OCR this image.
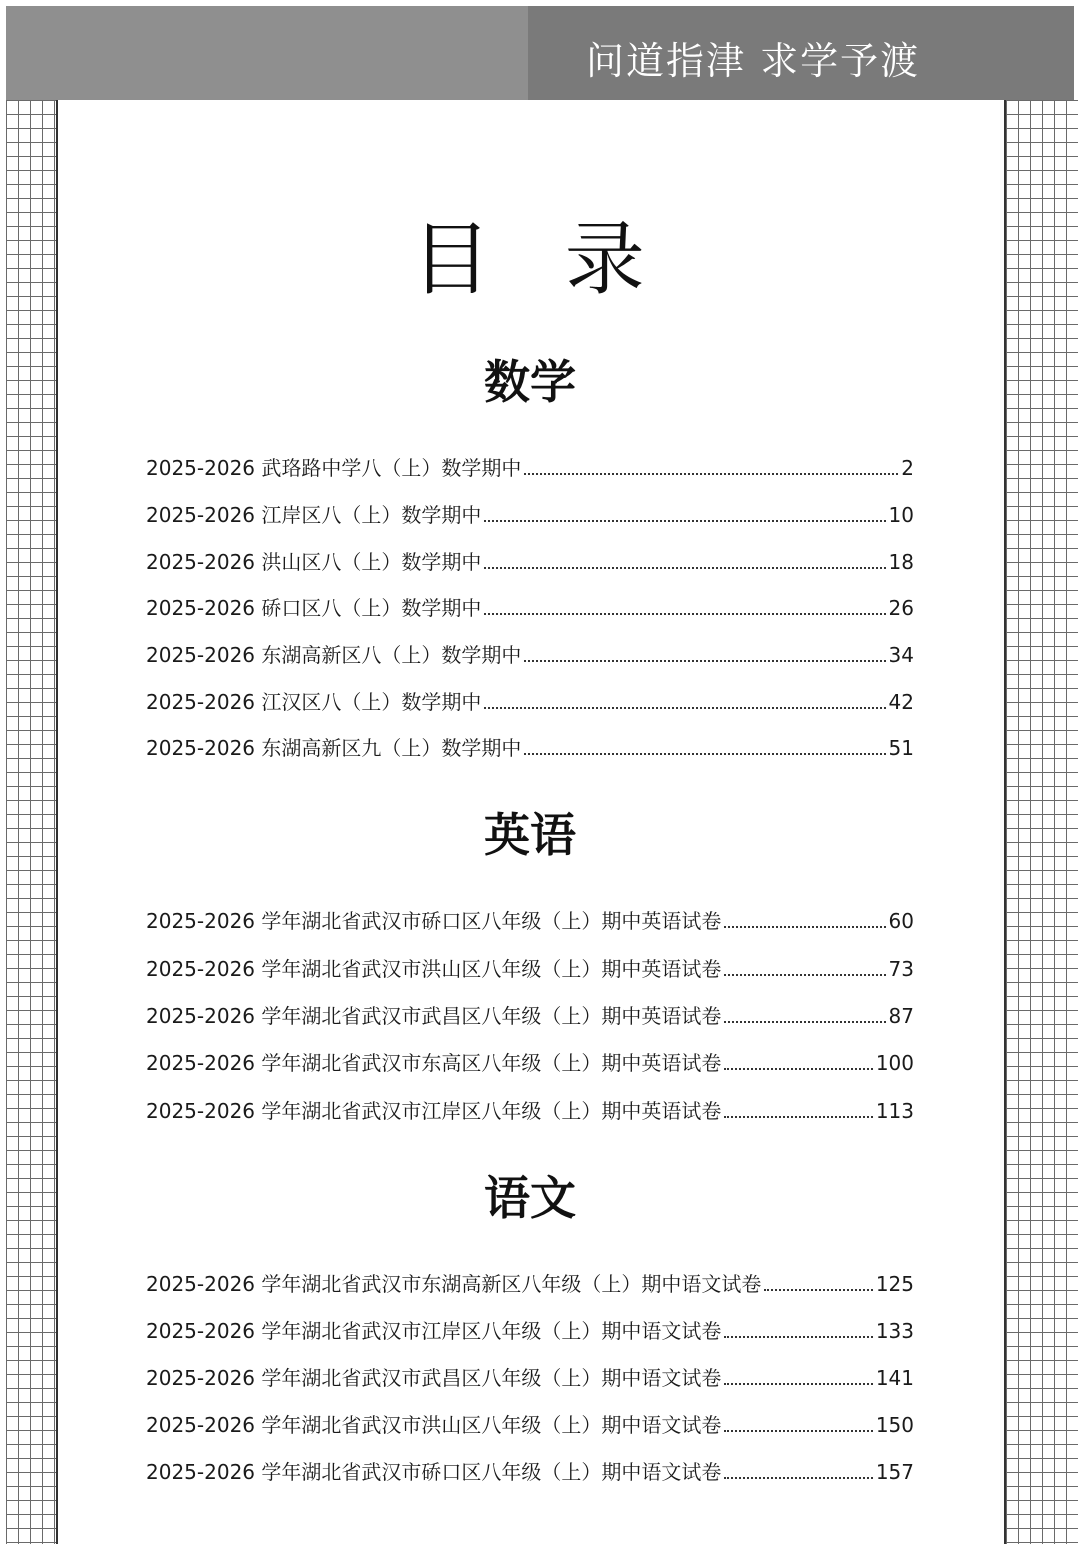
问道指津 求学予渡
目 录
数学
2025-2026 武珞路中学八（上）数学期中	2
2025-2026 江岸区八（上）数学期中	10
2025-2026 洪山区八（上）数学期中	18
2025-2026 硚口区八（上）数学期中	26
2025-2026 东湖高新区八（上）数学期中	34
2025-2026 江汉区八（上）数学期中	42
2025-2026 东湖高新区九（上）数学期中	51
英语
2025-2026 学年湖北省武汉市硚口区八年级（上）期中英语试卷	60
2025-2026 学年湖北省武汉市洪山区八年级（上）期中英语试卷	73
2025-2026 学年湖北省武汉市武昌区八年级（上）期中英语试卷	87
2025-2026 学年湖北省武汉市东高区八年级（上）期中英语试卷	100
2025-2026 学年湖北省武汉市江岸区八年级（上）期中英语试卷	113
语文
2025-2026 学年湖北省武汉市东湖高新区八年级（上）期中语文试卷	125
2025-2026 学年湖北省武汉市江岸区八年级（上）期中语文试卷	133
2025-2026 学年湖北省武汉市武昌区八年级（上）期中语文试卷	141
2025-2026 学年湖北省武汉市洪山区八年级（上）期中语文试卷	150
2025-2026 学年湖北省武汉市硚口区八年级（上）期中语文试卷	157
